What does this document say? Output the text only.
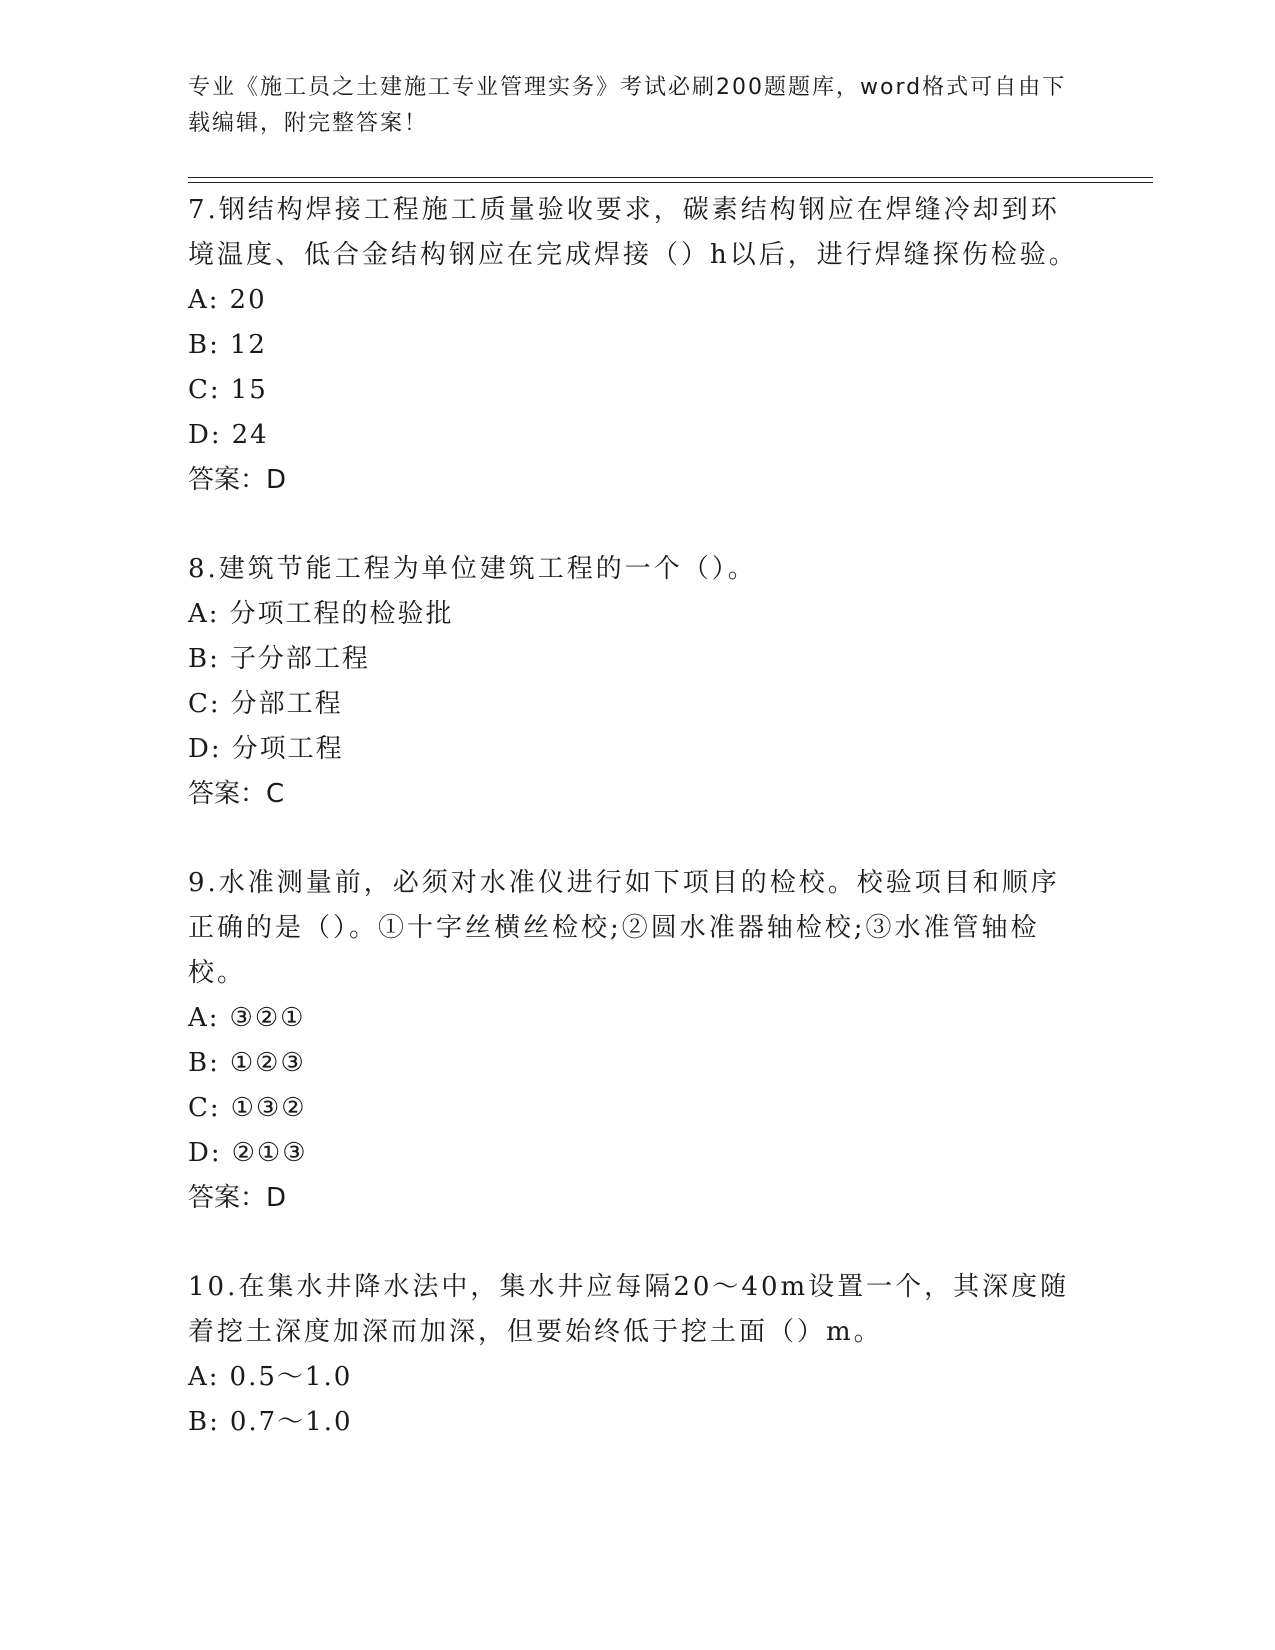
专业《施工员之土建施工专业管理实务》考试必刷200题题库，word格式可自由下载编辑，附完整答案！
7.钢结构焊接工程施工质量验收要求，碳素结构钢应在焊缝冷却到环境温度、低合金结构钢应在完成焊接（）h以后，进行焊缝探伤检验。
A: 20
B: 12
C: 15
D: 24
答案：D
8.建筑节能工程为单位建筑工程的一个（）。
A: 分项工程的检验批
B: 子分部工程
C: 分部工程
D: 分项工程
答案：C
9.水准测量前，必须对水准仪进行如下项目的检校。校验项目和顺序正确的是（）。①十字丝横丝检校;②圆水准器轴检校;③水准管轴检校。
A: ③②①
B: ①②③
C: ①③②
D: ②①③
答案：D
10.在集水井降水法中，集水井应每隔20～40m设置一个，其深度随着挖土深度加深而加深，但要始终低于挖土面（）m。
A: 0.5～1.0
B: 0.7～1.0
